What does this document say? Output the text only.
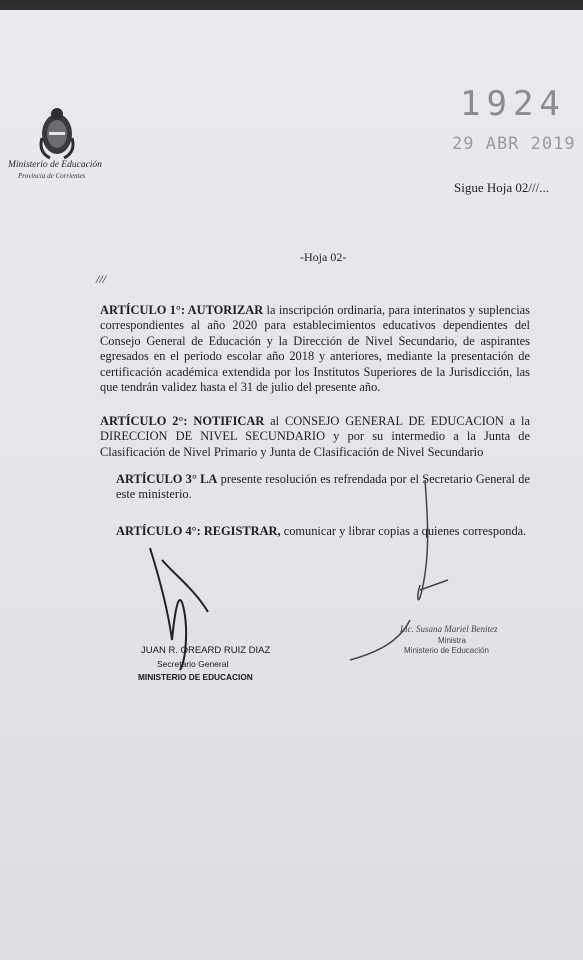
Ministerio de Educación
Provincia de Corrientes
1924
29 ABR 2019
Sigue Hoja 02///...
-Hoja 02-
///
ARTÍCULO 1°: AUTORIZAR la inscripción ordinaria, para interinatos y suplencias correspondientes al año 2020 para establecimientos educativos dependientes del Consejo General de Educación y la Dirección de Nivel Secundario, de aspirantes egresados en el periodo escolar año 2018 y anteriores, mediante la presentación de certificación académica extendida por los Institutos Superiores de la Jurisdicción, las que tendrán validez hasta el 31 de julio del presente año.
ARTÍCULO 2°: NOTIFICAR al CONSEJO GENERAL DE EDUCACION a la DIRECCION DE NIVEL SECUNDARIO y por su intermedio a la Junta de Clasificación de Nivel Primario y Junta de Clasificación de Nivel Secundario
ARTÍCULO 3° LA presente resolución es refrendada por el Secretario General de este ministerio.
ARTÍCULO 4°: REGISTRAR, comunicar y librar copias a quienes corresponda.
JUAN R. OREARD RUIZ DIAZ
Secretario General
MINISTERIO DE EDUCACION
Lic. Susana Mariel Benitez
Ministra
Ministerio de Educación
